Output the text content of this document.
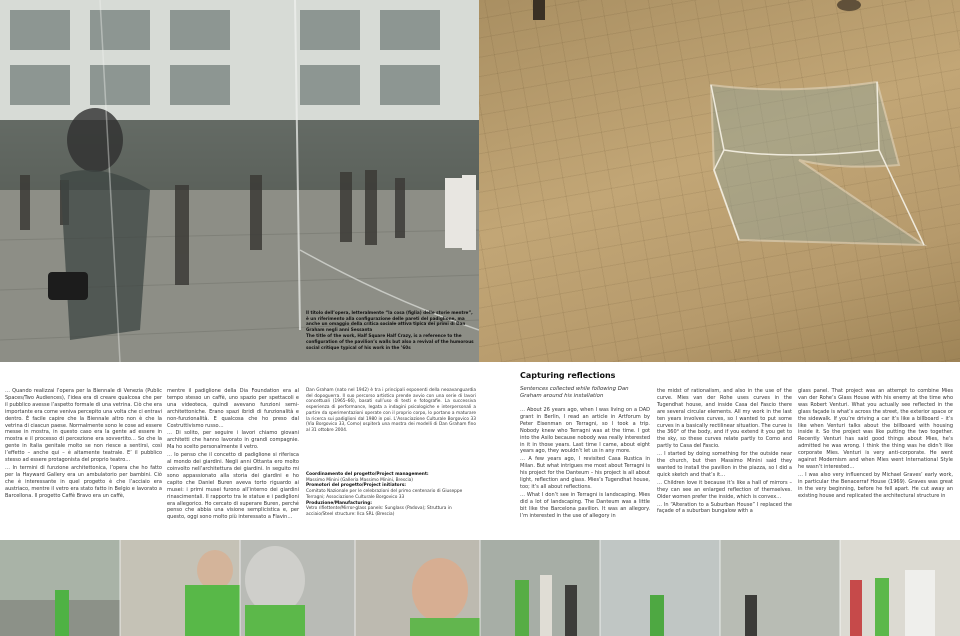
Il titolo dell’opera, letteralmente “la cosa (figlia) delle storie mentre”, è un riferimento alla configurazione delle pareti del padiglione, ma anche un omaggio della critica sociale attiva tipica dei primi di Dan Graham negli anni Sessanta

The title of the work, Half Square Half Crazy, is a reference to the configuration of the pavilion’s walls but also a revival of the humorous social critique typical of his work in the ’60s

… Quando realizzai l’opera per la Biennale di Venezia (Public Spaces/Two Audiences), l’idea era di creare qualcosa che per il pubblico avesse l’aspetto formale di una vetrina. Ciò che era importante era come veniva percepito una volta che ci entravi dentro. È facile capire che la Biennale altro non è che la vetrina di ciascun paese. Normalmente sono le cose ad essere messe in mostra, in questo caso era la gente ad essere in mostra e il processo di percezione era sovvertito… So che la gente in Italia genitale molto se non riesce a sentirsi, così l’effetto – anche qui – è altamente teatrale. E’ il pubblico stesso ad essere protagonista del proprio teatro…

… In termini di funzione architettonica, l’opera che ho fatto per la Hayward Gallery era un ambulatorio per bambini. Ciò che è interessante in quel progetto è che l’acciaio era austriaco, mentre il vetro era stato fatto in Belgio e lavorato a Barcellona. Il progetto Caffè Bravo era un caffè,

mentre il padiglione della Dia Foundation era al tempo stesso un caffè, uno spazio per spettacoli e una videoteca, quindi avevano funzioni semi-architettoniche. Erano spazi ibridi di funzionalità e non-funzionalità. E qualcosa che ho preso dal Costruttivismo russo…

… Di solito, per seguire i lavori chiamo giovani architetti che hanno lavorato in grandi compagnie. Ma ho scelto personalmente il vetro.

… Io penso che il concetto di padiglione si riferisca al mondo dei giardini. Negli anni Ottanta ero molto coinvolto nell’architettura dei giardini. In seguito mi sono appassionato alla storia dei giardini e ho capito che Daniel Buren aveva torto riguardo ai musei: i primi musei furono all’interno dei giardini rinascimentali. Il rapporto tra le statue e i padiglioni era allegorico. Ho cercato di superare Buren, perché penso che abbia una visione semplicistica e, per questo, oggi sono molto più interessato a Flavin…

Dan Graham (nato nel 1942) è tra i principali esponenti della neoavanguardia del dopoguerra. Il suo percorso artistico prende avvio con una serie di lavori concettuali (1965–66), basati sull’uso di testi e fotografie. La successiva esperienza di performance, legata a indagini psicologiche e interpersonali a partire da sperimentazioni operate con il proprio corpo, lo portano a maturare la ricerca sui padiglioni dal 1980 in poi. L’Associazione Culturale Borgovico 33 (Via Borgovico 33, Como) ospiterà una mostra dei modelli di Dan Graham fino al 31 ottobre 2004.

Coordinamento del progetto/Project management:

Massimo Minini (Galleria Massimo Minini, Brescia)

Promotori del progetto/Project initiators:

Comitato Nazionale per le celebrazioni del primo centenario di Giuseppe Terragni; Associazione Culturale Borgovico 33

Produzione/Manufacturing:

Vetro riflettente/Mirror-glass panels: Sunglass (Padova); Struttura in acciaio/Steel structure: Ilca SRL (Brescia)

Capturing reflections
Sentences collected while following Dan Graham around his installation

… About 26 years ago, when I was living on a DAD grant in Berlin, I read an article in Artforum by Peter Eisenman on Terragni, so I took a trip. Nobody knew who Terragni was at the time. I got into the Asilo because nobody was really interested in it in those years. Last time I came, about eight years ago, they wouldn’t let us in any more.

… A few years ago, I revisited Casa Rustica in Milan. But what intrigues me most about Terragni is his project for the Danteum – his project is all about light, reflection and glass. Mies’s Tugendhat house, too; it’s all about reflections.

… What I don’t see in Terragni is landscaping. Mies did a lot of landscaping. The Danteum was a little bit like the Barcelona pavilion. It was an allegory. I’m interested in the use of allegory in

the midst of rationalism, and also in the use of the curve. Mies van der Rohe uses curves in the Tugendhat house, and inside Casa del Fascio there are several circular elements. All my work in the last ten years involves curves, so I wanted to put some curves in a basically rectilinear situation. The curve is the 360° of the body, and if you extend it you get to the sky, so these curves relate partly to Como and partly to Casa del Fascio.

… I started by doing something for the outside near the church, but then Massimo Minini said they wanted to install the pavilion in the piazza, so I did a quick sketch and that’s it…

… Children love it because it’s like a hall of mirrors – they can see an enlarged reflection of themselves. Older women prefer the inside, which is convex…

… In “Alteration to a Suburban House” I replaced the façade of a suburban bungalow with a

glass panel. That project was an attempt to combine Mies van der Rohe’s Glass House with his enemy at the time who was Robert Venturi. What you actually see reflected in the glass façade is what’s across the street, the exterior space or the sidewalk. If you’re driving a car it’s like a billboard – it’s like when Venturi talks about the billboard with housing inside it. So the project was like putting the two together. Recently Venturi has said good things about Mies, he’s admitted he was wrong. I think the thing was he didn’t like corporate Mies. Venturi is very anti-corporate. He went against Modernism and when Mies went International Style he wasn’t interested…

… I was also very influenced by Michael Graves’ early work, in particular the Benacerraf House (1969). Graves was great in the very beginning, before he fell apart. He cut away an existing house and replicated the architectural structure in
